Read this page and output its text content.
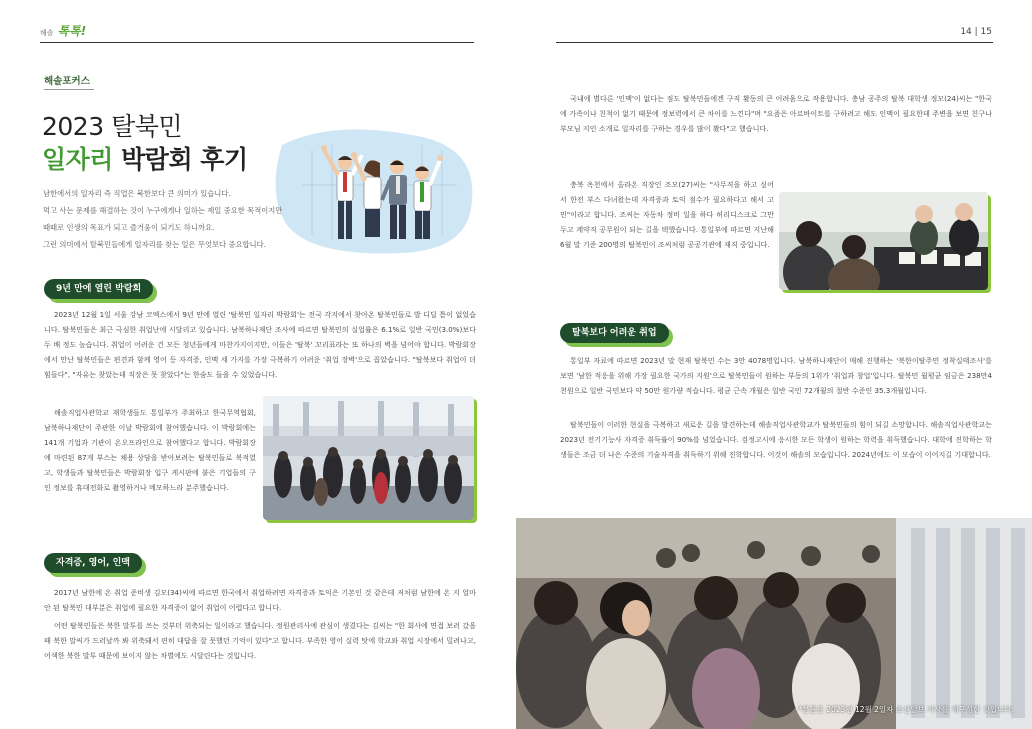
해솔 톡톡!
해솔포커스
2023 탈북민
일자리 박람회 후기
남한에서의 일자리 즉 직업은 북한보다 큰 의미가 있습니다.
먹고 사는 문제를 해결하는 것이 누구에게나 일하는 제일 중요한 목적이지만
때때로 인생의 목표가 되고 즐거움이 되기도 하니까요.
그런 의미에서 탈북민들에게 일자리를 찾는 일은 무엇보다 중요합니다.
9년 만에 열린 박람회
2023년 12월 1일 서울 강남 코엑스에서 9년 만에 열린 '탈북민 일자리 박람회'는 전국 각지에서 찾아온 탈북민들로 발 디딜 틈이 없었습니다. 탈북민들은 최근 극심한 취업난에 시달리고 있습니다. 남북하나재단 조사에 따르면 탈북민의 실업률은 6.1%로 일반 국민(3.0%)보다 두 배 정도 높습니다. 취업이 어려운 건 모든 청년들에게 마찬가지이지만, 이들은 '탈북' 꼬리표라는 또 하나의 벽을 넘어야 합니다. 박람회장에서 만난 탈북민들은 편견과 함께 영어 등 자격증, 인맥 세 가지를 가장 극복하기 어려운 '취업 장벽'으로 꼽았습니다. "탈북보다 취업이 더 힘들다", "자유는 찾았는데 직장은 못 찾았다"는 한숨도 들을 수 있었습니다.
해솔직업사관학교 재학생들도 통일부가 주최하고 한국무역협회, 남북하나재단이 주관한 이날 박람회에 참여했습니다. 이 박람회에는 141개 기업과 기관이 온오프라인으로 참여했다고 합니다. 박람회장에 마련된 87개 부스는 채용 상담을 받아보려는 탈북민들로 북적였고, 학생들과 탈북민들은 박람회장 입구 게시판에 붙은 기업들의 구인 정보를 휴대전화로 촬영하거나 메모하느라 분주했습니다.
자격증, 영어, 인맥
2017년 남한에 온 취업 준비생 김모(34)씨에 따르면 한국에서 취업하려면 자격증과 토익은 기본인 것 같은데 저처럼 남한에 온 지 얼마 안 된 탈북민 대부분은 취업에 필요한 자격증이 없어 취업이 어렵다고 합니다.
어떤 탈북민들은 북한 말투를 쓰는 것부터 위축되는 일이라고 했습니다. 정원관리사에 관심이 생겼다는 김씨는 "한 회사에 면접 보러 갔을 때 북한 말씨가 드러날까 봐 위축돼서 편히 대답을 잘 못했던 기억이 있다"고 합니다. 부족한 영어 실력 탓에 학교와 취업 시장에서 밀려나고, 어색한 북한 말투 때문에 보이지 않는 차별에도 시달린다는 것입니다.
14 | 15
국내에 별다른 '인맥'이 없다는 점도 탈북민들에겐 구직 활동의 큰 어려움으로 작용합니다. 충남 공주의 탈북 대학생 정모(24)씨는 "한국에 가족이나 친척이 없기 때문에 정보력에서 큰 차이를 느낀다"며 "요즘은 아르바이트를 구하려고 해도 인맥이 필요한데 주변을 보면 친구나 부모님 지인 소개로 일자리를 구하는 경우를 많이 봤다"고 했습니다.
충북 옥천에서 올라온 직장인 조모(27)씨는 "사무직을 하고 싶어서 한전 부스 다녀왔는데 자격증과 토익 점수가 필요하다고 해서 고민"이라고 합니다. 조씨는 자동차 정비 일을 하다 허리디스크로 그만두고 계약직 공무원이 되는 길을 택했습니다. 통일부에 따르면 지난해 6월 말 기준 200명의 탈북민이 조씨처럼 공공기관에 재직 중입니다.
탈북보다 어려운 취업
통일부 자료에 따르면 2023년 말 현재 탈북민 수는 3만 4078명입니다. 남북하나재단이 매해 진행하는 '북한이탈주민 정착실태조사'를 보면 '남한 적응을 위해 가장 필요한 국가의 지원'으로 탈북민들이 원하는 부동의 1위가 '취업과 창업'입니다. 탈북민 월평균 임금은 238만4천원으로 일반 국민보다 약 50만 원가량 적습니다. 평균 근속 개월은 일반 국민 72개월의 절반 수준인 35.3개월입니다.
탈북민들이 이러한 현실을 극복하고 새로운 길을 발견하는데 해솔직업사관학교가 탈북민들의 힘이 되길 소망합니다. 해솔직업사관학교는 2023년 전기기능사 자격증 취득률이 90%를 넘었습니다. 검정고시에 응시한 모든 학생이 원하는 학력을 취득했습니다. 대학에 진학하는 학생들은 조금 더 나은 수준의 기술자격을 취득하기 위해 진학합니다. 이것이 해솔의 모습입니다. 2024년에도 이 모습이 이어지길 기대합니다.
*본문은 2023년 12월 2일자 조선일보 기사를 재구성한 것입니다.
